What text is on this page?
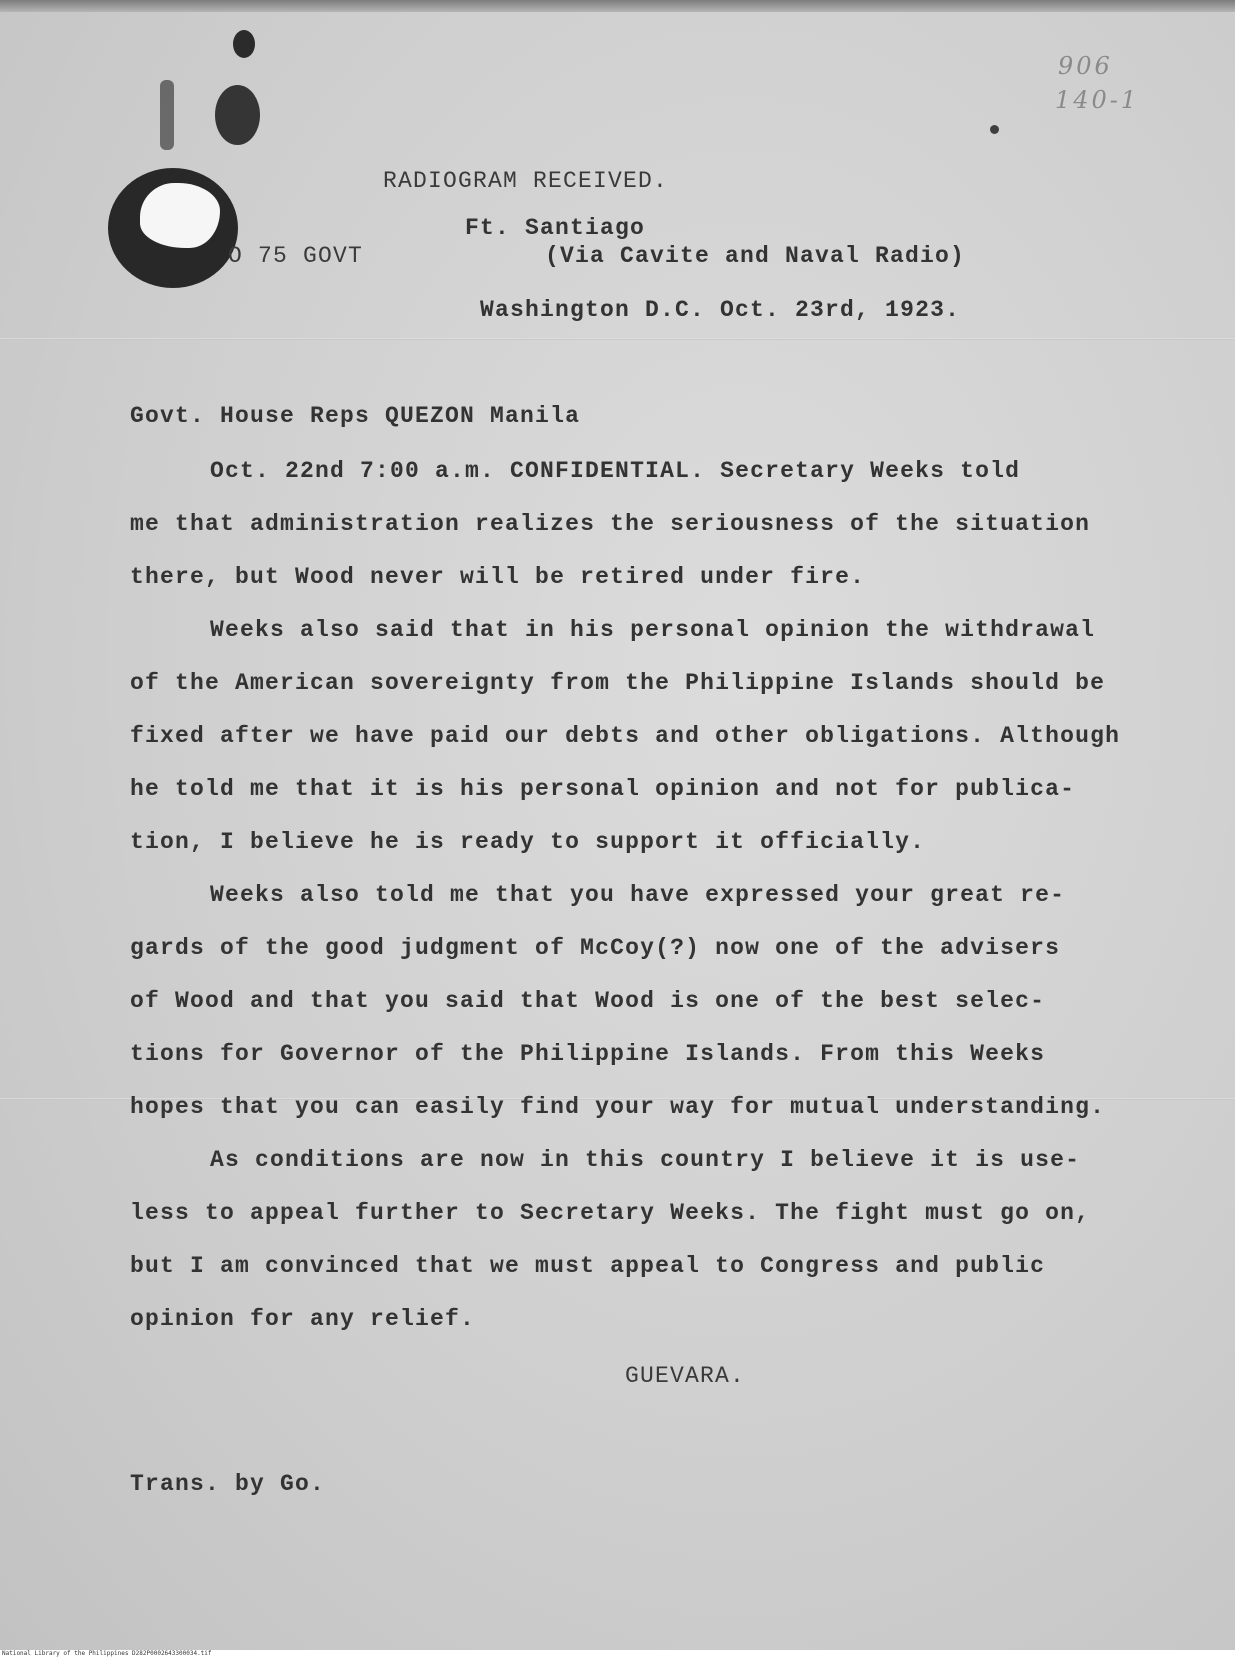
906
140-1
RADIOGRAM RECEIVED.
Ft. Santiago
O 75 GOVT	(Via Cavite and Naval Radio)
Washington D.C. Oct. 23rd, 1923.
Govt. House Reps QUEZON Manila
Oct. 22nd 7:00 a.m. CONFIDENTIAL. Secretary Weeks told
me that administration realizes the seriousness of the situation
there, but Wood never will be retired under fire.
Weeks also said that in his personal opinion the withdrawal
of the American sovereignty from the Philippine Islands should be
fixed after we have paid our debts and other obligations. Although
he told me that it is his personal opinion and not for publica-
tion, I believe he is ready to support it officially.
Weeks also told me that you have expressed your great re-
gards of the good judgment of McCoy(?) now one of the advisers
of Wood and that you said that Wood is one of the best selec-
tions for Governor of the Philippine Islands. From this Weeks
hopes that you can easily find your way for mutual understanding.
As conditions are now in this country I believe it is use-
less to appeal further to Secretary Weeks. The fight must go on,
but I am convinced that we must appeal to Congress and public
opinion for any relief.
GUEVARA.
Trans. by Go.
National Library of the Philippines D282P0002643300034.tif
